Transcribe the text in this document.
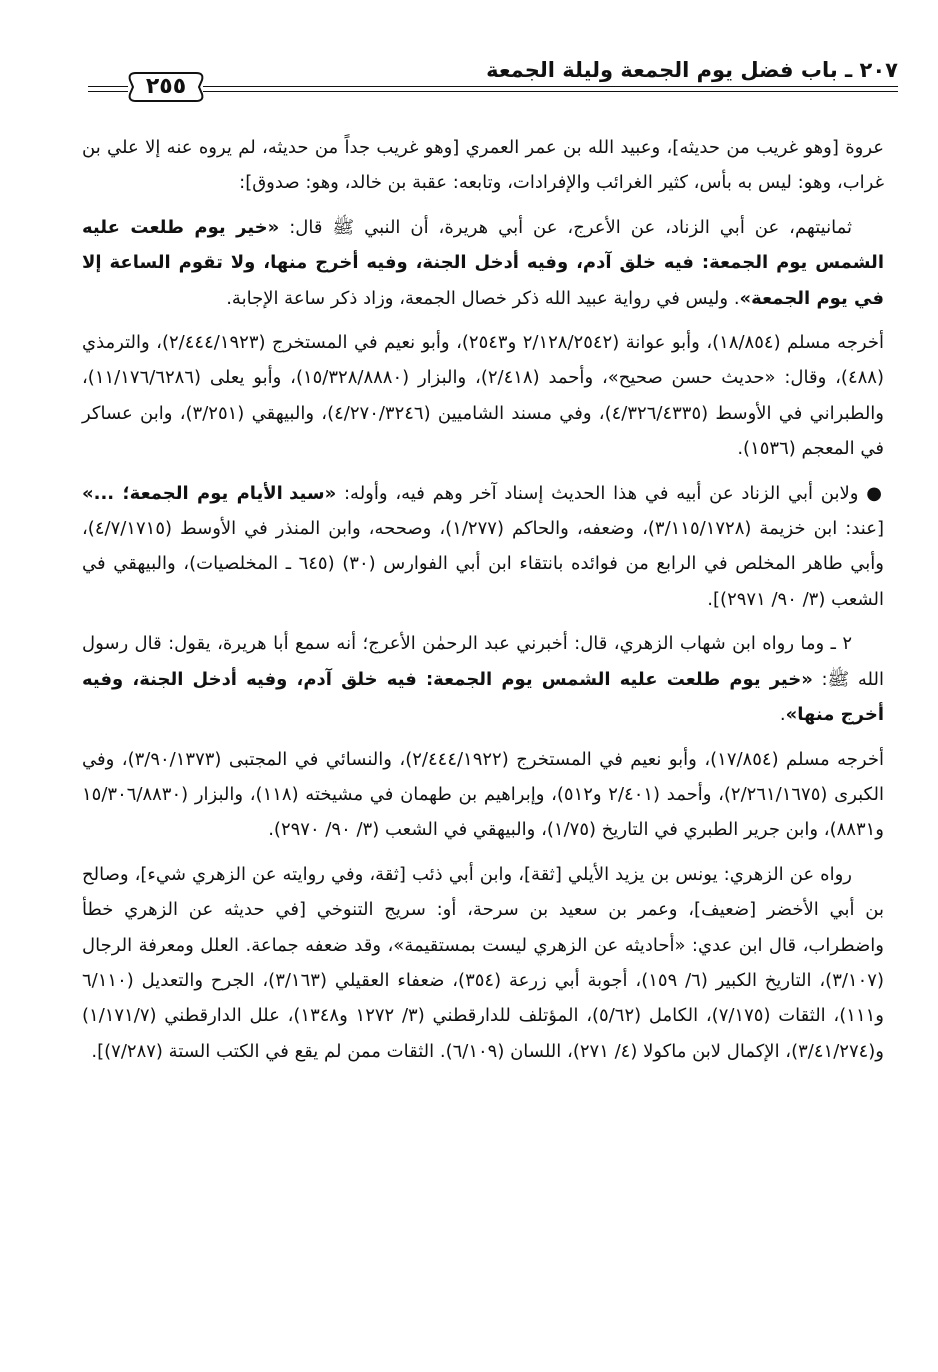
٢٠٧ ـ باب فضل يوم الجمعة وليلة الجمعة
٢٥٥

عروة [وهو غريب من حديثه]، وعبيد الله بن عمر العمري [وهو غريب جداً من حديثه، لم يروه عنه إلا علي بن غراب، وهو: ليس به بأس، كثير الغرائب والإفرادات، وتابعه: عقبة بن خالد، وهو: صدوق]:

ثمانيتهم، عن أبي الزناد، عن الأعرج، عن أبي هريرة، أن النبي ﷺ قال: «خير يوم طلعت عليه الشمس يوم الجمعة: فيه خلق آدم، وفيه أدخل الجنة، وفيه أخرج منها، ولا تقوم الساعة إلا في يوم الجمعة». وليس في رواية عبيد الله ذكر خصال الجمعة، وزاد ذكر ساعة الإجابة.

أخرجه مسلم (١٨/٨٥٤)، وأبو عوانة (٢/١٢٨/٢٥٤٢ و٢٥٤٣)، وأبو نعيم في المستخرج (٢/٤٤٤/١٩٢٣)، والترمذي (٤٨٨)، وقال: «حديث حسن صحيح»، وأحمد (٢/٤١٨)، والبزار (١٥/٣٢٨/٨٨٨٠)، وأبو يعلى (١١/١٧٦/٦٢٨٦)، والطبراني في الأوسط (٤/٣٢٦/٤٣٣٥)، وفي مسند الشاميين (٤/٢٧٠/٣٢٤٦)، والبيهقي (٣/٢٥١)، وابن عساكر في المعجم (١٥٣٦).

● ولابن أبي الزناد عن أبيه في هذا الحديث إسناد آخر وهم فيه، وأوله: «سيد الأيام يوم الجمعة؛ ...» [عند: ابن خزيمة (٣/١١٥/١٧٢٨)، وضعفه، والحاكم (١/٢٧٧)، وصححه، وابن المنذر في الأوسط (٤/٧/١٧١٥)، وأبي طاهر المخلص في الرابع من فوائده بانتقاء ابن أبي الفوارس (٣٠) (٦٤٥ ـ المخلصيات)، والبيهقي في الشعب (٣/ ٩٠/ ٢٩٧١)].

٢ ـ وما رواه ابن شهاب الزهري، قال: أخبرني عبد الرحمٰن الأعرج؛ أنه سمع أبا هريرة، يقول: قال رسول الله ﷺ: «خير يوم طلعت عليه الشمس يوم الجمعة: فيه خلق آدم، وفيه أدخل الجنة، وفيه أخرج منها».

أخرجه مسلم (١٧/٨٥٤)، وأبو نعيم في المستخرج (٢/٤٤٤/١٩٢٢)، والنسائي في المجتبى (٣/٩٠/١٣٧٣)، وفي الكبرى (٢/٢٦١/١٦٧٥)، وأحمد (٢/٤٠١ و٥١٢)، وإبراهيم بن طهمان في مشيخته (١١٨)، والبزار (١٥/٣٠٦/٨٨٣٠ و٨٨٣١)، وابن جرير الطبري في التاريخ (١/٧٥)، والبيهقي في الشعب (٣/ ٩٠/ ٢٩٧٠).

رواه عن الزهري: يونس بن يزيد الأيلي [ثقة]، وابن أبي ذئب [ثقة، وفي روايته عن الزهري شيء]، وصالح بن أبي الأخضر [ضعيف]، وعمر بن سعيد بن سرحة، أو: سريج التنوخي [في حديثه عن الزهري خطأ واضطراب، قال ابن عدي: «أحاديثه عن الزهري ليست بمستقيمة»، وقد ضعفه جماعة. العلل ومعرفة الرجال (٣/١٠٧)، التاريخ الكبير (٦/ ١٥٩)، أجوبة أبي زرعة (٣٥٤)، ضعفاء العقيلي (٣/١٦٣)، الجرح والتعديل (٦/١١٠ و١١١)، الثقات (٧/١٧٥)، الكامل (٥/٦٢)، المؤتلف للدارقطني (٣/ ١٢٧٢ و١٣٤٨)، علل الدارقطني (١/١٧١/٧) و(٣/٤١/٢٧٤)، الإكمال لابن ماكولا (٤/ ٢٧١)، اللسان (٦/١٠٩). الثقات ممن لم يقع في الكتب الستة (٧/٢٨٧)].
